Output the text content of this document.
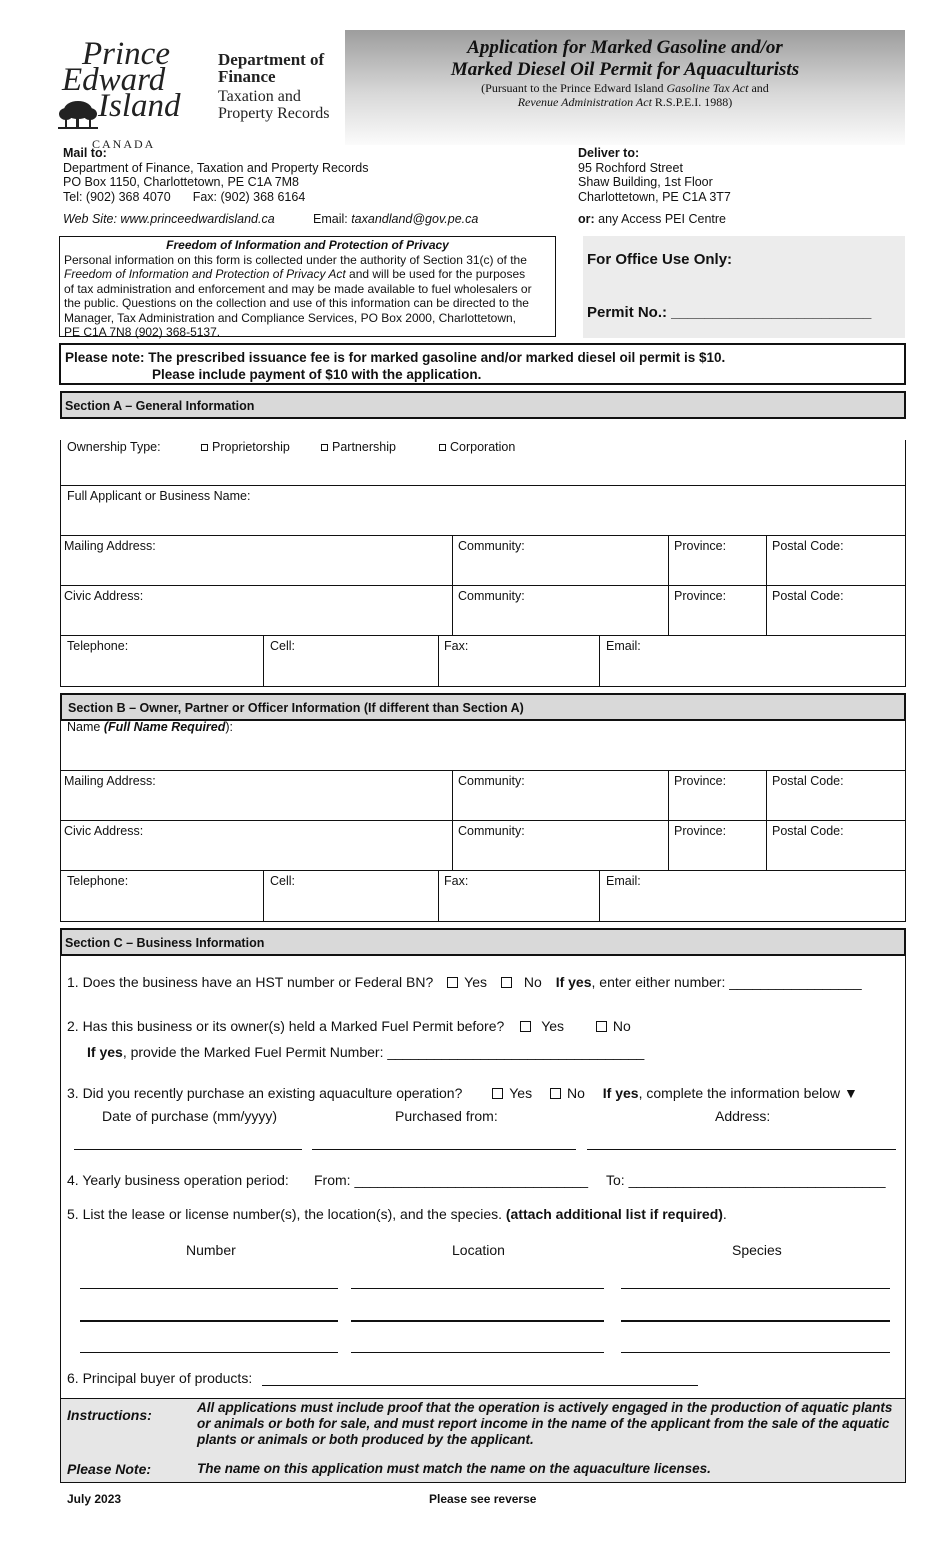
Prince
Edward
Island
CANADA
Department of
Finance
Taxation and
Property Records
Application for Marked Gasoline and/or
Marked Diesel Oil Permit for Aquaculturists
(Pursuant to the Prince Edward Island Gasoline Tax Act and
Revenue Administration Act R.S.P.E.I. 1988)
Mail to:
Department of Finance, Taxation and Property Records
PO Box 1150, Charlottetown, PE C1A 7M8
Tel: (902) 368 4070 Fax: (902) 368 6164
Web Site: www.princeedwardisland.ca	Email: taxandland@gov.pe.ca
Deliver to:
95 Rochford Street
Shaw Building, 1st Floor
Charlottetown, PE C1A 3T7
or: any Access PEI Centre
Freedom of Information and Protection of Privacy
Personal information on this form is collected under the authority of Section 31(c) of the
Freedom of Information and Protection of Privacy Act and will be used for the purposes
of tax administration and enforcement and may be made available to fuel wholesalers or
the public. Questions on the collection and use of this information can be directed to the
Manager, Tax Administration and Compliance Services, PO Box 2000, Charlottetown,
PE C1A 7N8 (902) 368-5137.
For Office Use Only:
Permit No.: ________________________
Please note: The prescribed issuance fee is for marked gasoline and/or marked diesel oil permit is $10.
Please include payment of $10 with the application.
Section A – General Information
Ownership Type:	Proprietorship	Partnership	Corporation
Full Applicant or Business Name:
Mailing Address:	Community:	Province:	Postal Code:
Civic Address:	Community:	Province:	Postal Code:
Telephone:	Cell:	Fax:	Email:
Section B – Owner, Partner or Officer Information (If different than Section A)
Name (Full Name Required):
Mailing Address:	Community:	Province:	Postal Code:
Civic Address:	Community:	Province:	Postal Code:
Telephone:	Cell:	Fax:	Email:
Section C – Business Information
1. Does the business have an HST number or Federal BN? Yes	No If yes, enter either number: _________________
2. Has this business or its owner(s) held a Marked Fuel Permit before?	Yes	No
If yes, provide the Marked Fuel Permit Number: _________________________________
3. Did you recently purchase an existing aquaculture operation?	Yes No If yes, complete the information below ▼
Date of purchase (mm/yyyy)	Purchased from:	Address:
4. Yearly business operation period: From: ______________________________ To: _________________________________
5. List the lease or license number(s), the location(s), and the species. (attach additional list if required).
Number	Location	Species
6. Principal buyer of products:
Instructions:	All applications must include proof that the operation is actively engaged in the production of aquatic plants or animals or both for sale, and must report income in the name of the applicant from the sale of the aquatic plants or animals or both produced by the applicant.
Please Note:	The name on this application must match the name on the aquaculture licenses.
July 2023	Please see reverse
